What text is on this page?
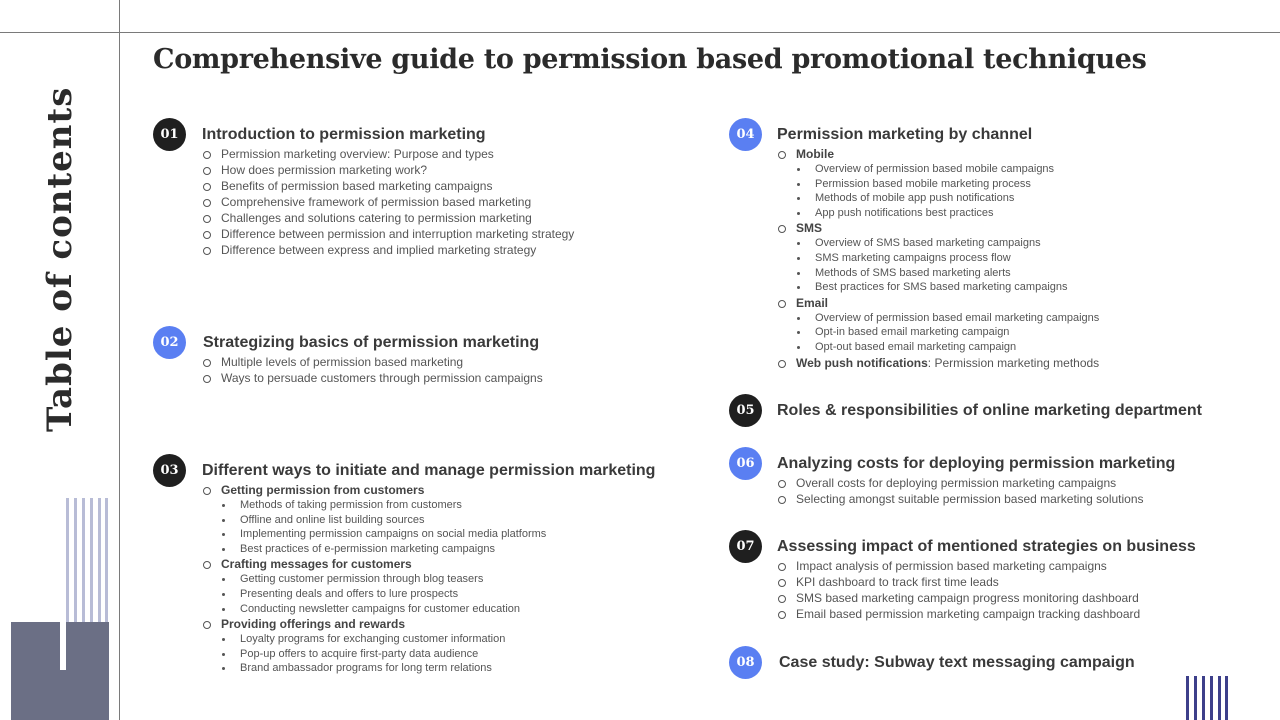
Table of contents
Comprehensive guide to permission based promotional techniques
01	Introduction to permission marketing
Permission marketing overview: Purpose and types
How does permission marketing work?
Benefits of permission based marketing campaigns
Comprehensive framework of permission based marketing
Challenges and solutions catering to permission marketing
Difference between permission and interruption marketing strategy
Difference between express and implied marketing strategy
02	Strategizing basics of permission marketing
Multiple levels of permission based marketing
Ways to persuade customers through permission campaigns
03	Different ways to initiate and manage permission marketing
Getting permission from customers
Methods of taking permission from customers
Offline and online list building sources
Implementing permission campaigns on social media platforms
Best practices of e-permission marketing campaigns
Crafting messages for customers
Getting customer permission through blog teasers
Presenting deals and offers to lure prospects
Conducting newsletter campaigns for customer education
Providing offerings and rewards
Loyalty programs for exchanging customer information
Pop-up offers to acquire first-party data audience
Brand ambassador programs for long term relations
04	Permission marketing by channel
Mobile
Overview of permission based mobile campaigns
Permission based mobile marketing process
Methods of mobile app push notifications
App push notifications best practices
SMS
Overview of SMS based marketing campaigns
SMS marketing campaigns process flow
Methods of SMS based marketing alerts
Best practices for SMS based marketing campaigns
Email
Overview of permission based email marketing campaigns
Opt-in based email marketing campaign
Opt-out based email marketing campaign
Web push notifications: Permission marketing methods
05	Roles & responsibilities of online marketing department
06	Analyzing costs for deploying permission marketing
Overall costs for deploying permission marketing campaigns
Selecting amongst suitable permission based marketing solutions
07	Assessing impact of mentioned strategies on business
Impact analysis of permission based marketing campaigns
KPI dashboard to track first time leads
SMS based marketing campaign progress monitoring dashboard
Email based permission marketing campaign tracking dashboard
08	Case study: Subway text messaging campaign
